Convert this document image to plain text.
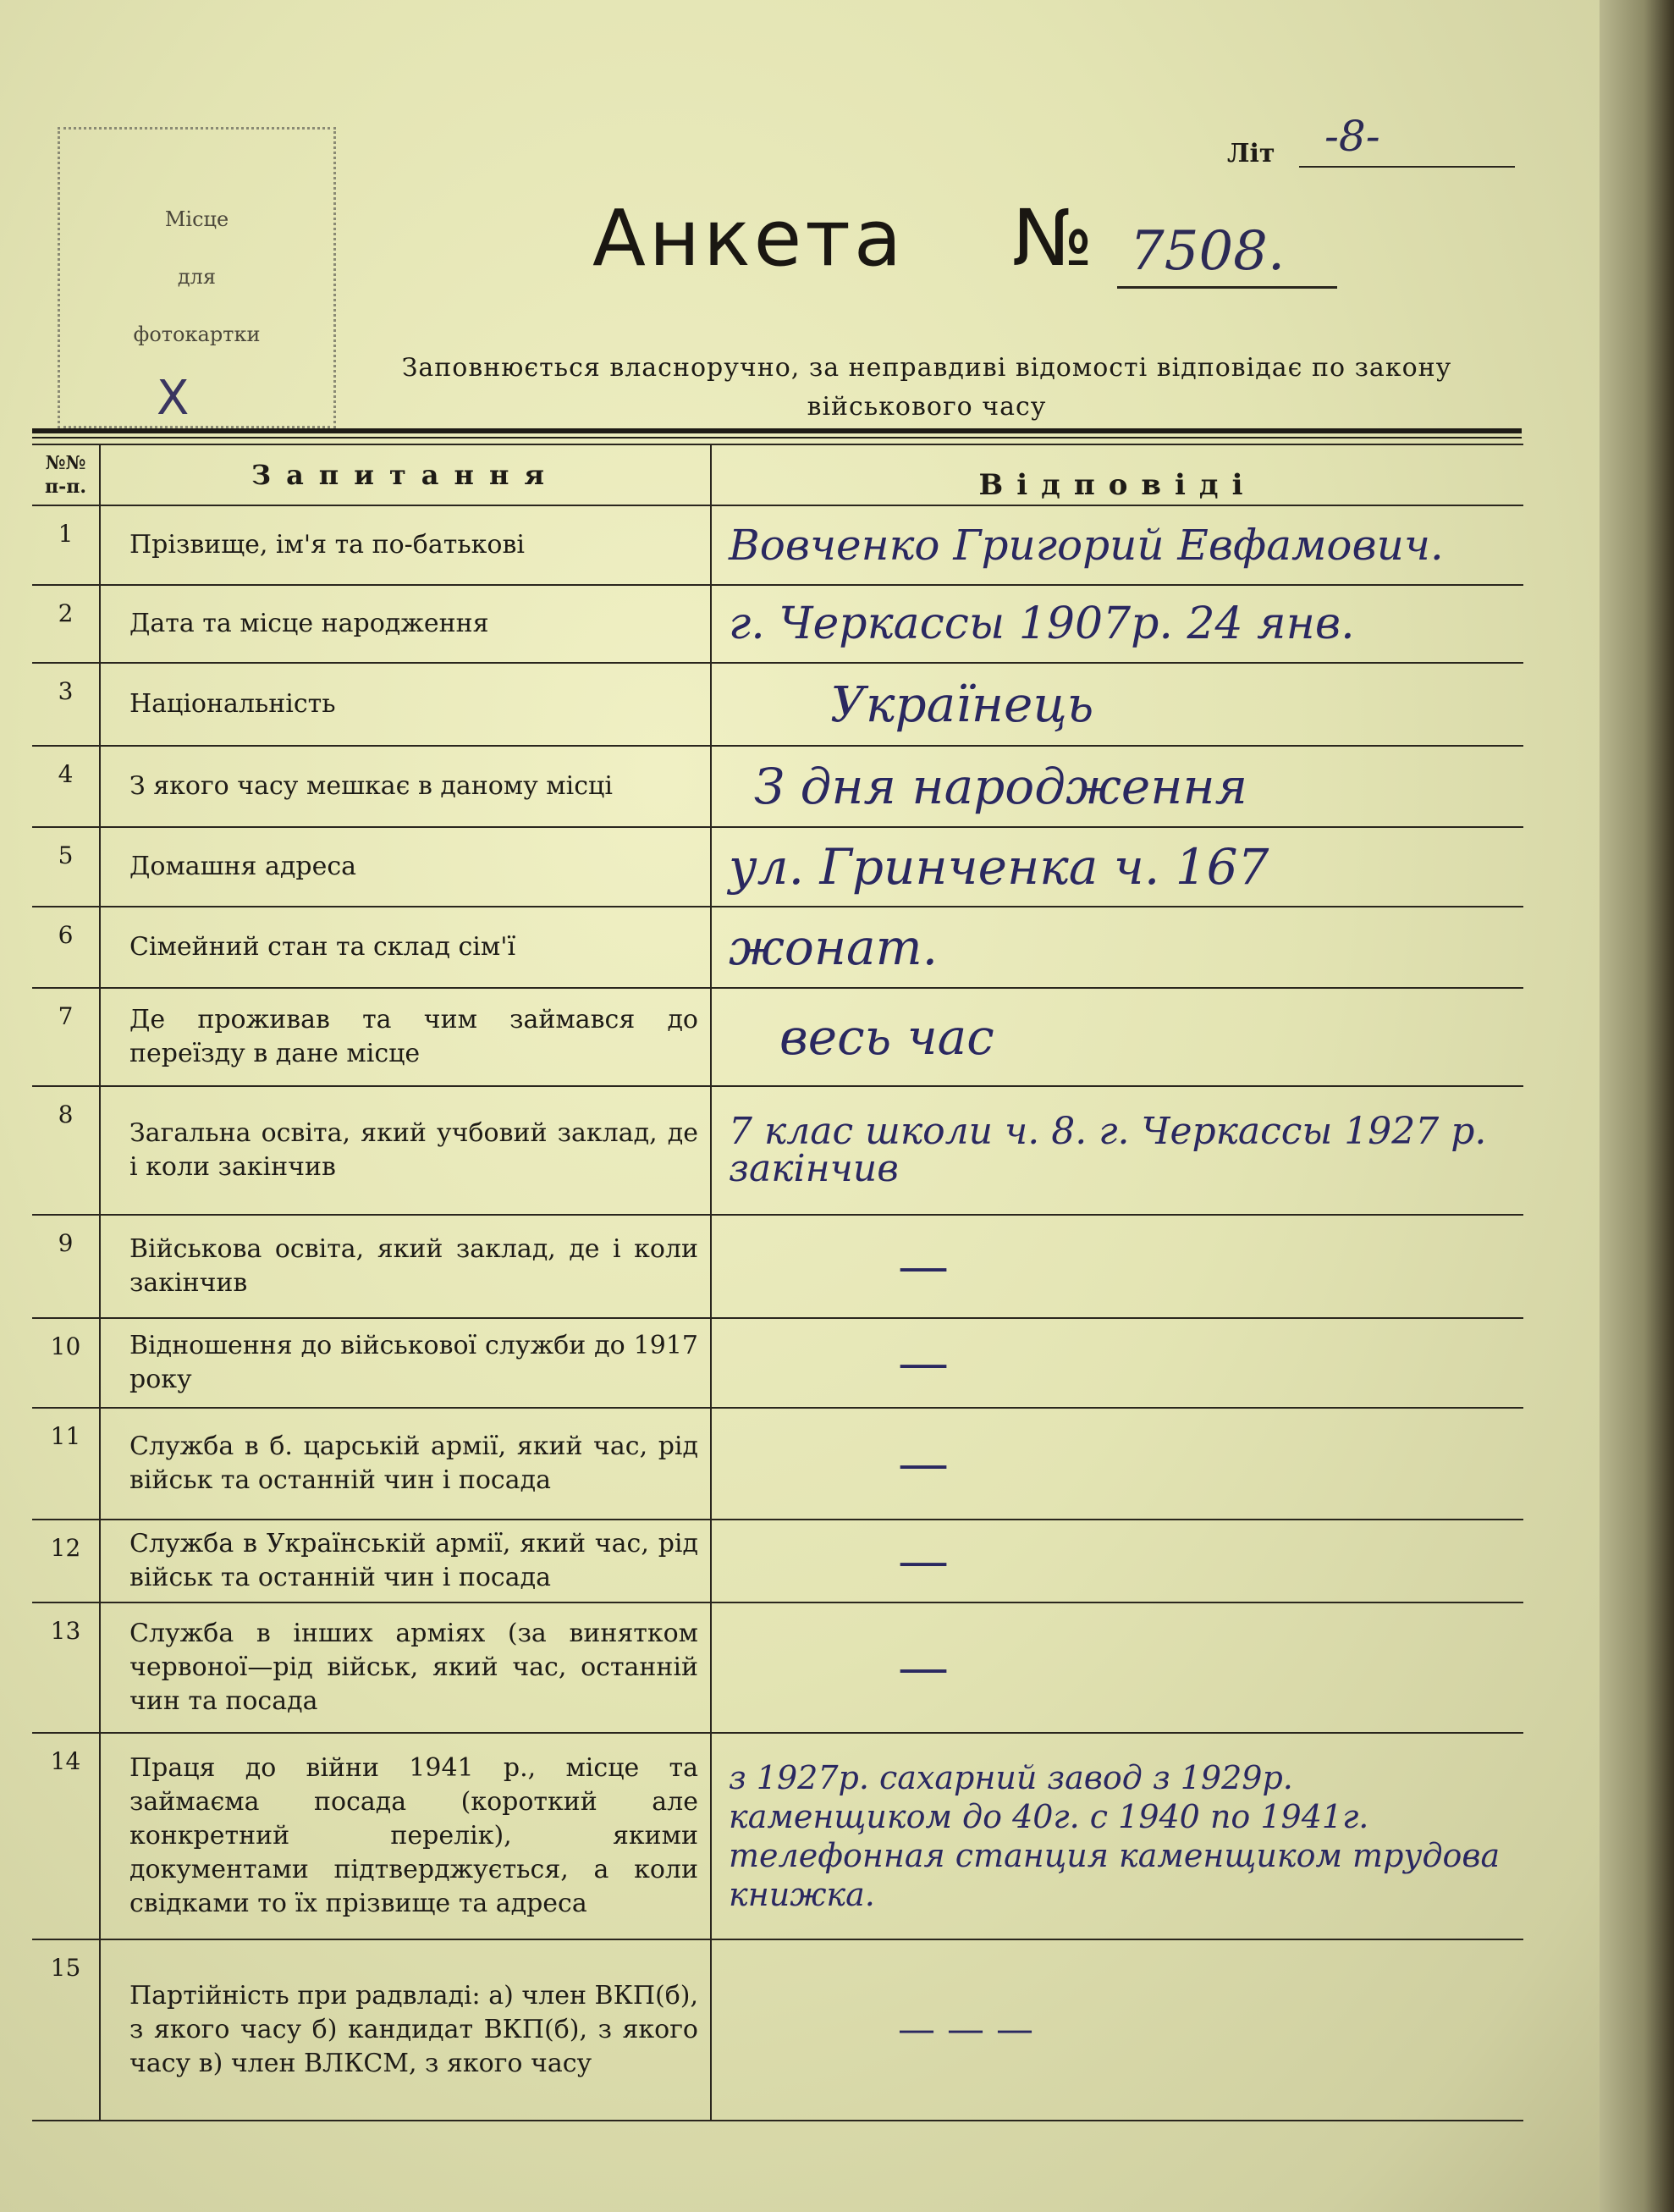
Місце
для
фотокартки
Х
Літ -8-
Анкета № 7508.
Заповнюється власноручно, за неправдиві відомості відповідає по закону
військового часу
№№ п-п.	Запитання	Відповіді
1	Прізвище, ім'я та по-батькові	Вовченко Григорий Евфамович.
2	Дата та місце народження	г. Черкассы 1907р. 24 янв.
3	Національність	Українець
4	З якого часу мешкає в даному місці	З дня народження
5	Домашня адреса	ул. Гринченка ч. 167
6	Сімейний стан та склад сім'ї	жонат.
7	Де проживав та чим займався до переїзду в дане місце	весь час
8	Загальна освіта, який учбовий заклад, де і коли закінчив	7 клас школи ч. 8. г. Черкассы 1927 р. закінчив
9	Військова освіта, який заклад, де і коли закінчив	—
10	Відношення до військової служби до 1917 року	—
11	Служба в б. царській армії, який час, рід військ та останній чин і посада	—
12	Служба в Українській армії, який час, рід військ та останній чин і посада	—
13	Служба в інших арміях (за винятком червоної—рід військ, який час, останній чин та посада	—
14	Праця до війни 1941 р., місце та займаєма посада (короткий але конкретний перелік), якими документами підтверджується, а коли свідками то їх прізвище та адреса	з 1927р. сахарний завод з 1929р. каменщиком до 40г. с 1940 по 1941г. телефонная станция каменщиком трудова книжка.
15	Партійність при радвладі: а) член ВКП(б), з якого часу б) кандидат ВКП(б), з якого часу в) член ВЛКСМ, з якого часу	— — —
